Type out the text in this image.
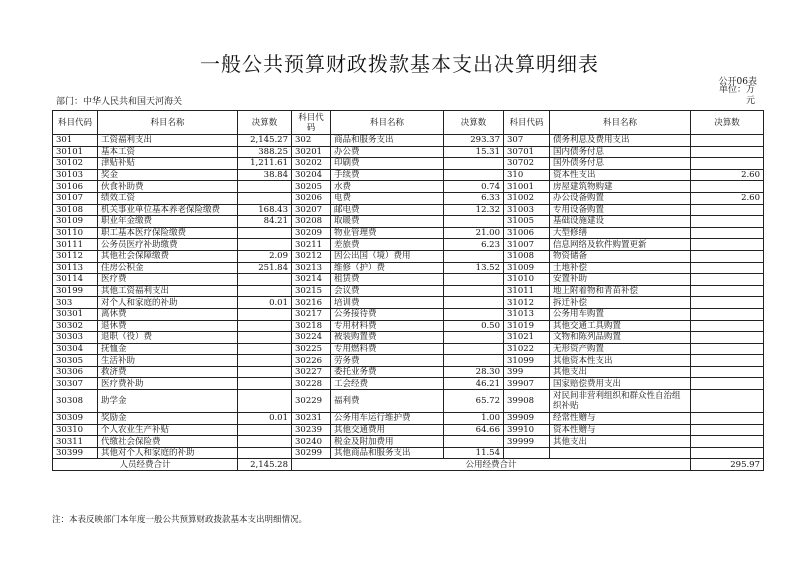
一般公共预算财政拨款基本支出决算明细表
公开06表
单位：万元
部门：中华人民共和国天河海关
科目代码	科目名称	决算数	科目代码	科目名称	决算数	科目代码	科目名称	决算数
301	工资福利支出	2,145.27	302	商品和服务支出	293.37	307	债务利息及费用支出	
30101	基本工资	388.25	30201	办公费	15.31	30701	国内债务付息	
30102	津贴补贴	1,211.61	30202	印刷费		30702	国外债务付息	
30103	奖金	38.84	30204	手续费		310	资本性支出	2.60
30106	伙食补助费		30205	水费	0.74	31001	房屋建筑物购建	
30107	绩效工资		30206	电费	6.33	31002	办公设备购置	2.60
30108	机关事业单位基本养老保险缴费	168.43	30207	邮电费	12.32	31003	专用设备购置	
30109	职业年金缴费	84.21	30208	取暖费		31005	基础设施建设	
30110	职工基本医疗保险缴费		30209	物业管理费	21.00	31006	大型修缮	
30111	公务员医疗补助缴费		30211	差旅费	6.23	31007	信息网络及软件购置更新	
30112	其他社会保障缴费	2.09	30212	因公出国（境）费用		31008	物资储备	
30113	住房公积金	251.84	30213	维修（护）费	13.52	31009	土地补偿	
30114	医疗费		30214	租赁费		31010	安置补助	
30199	其他工资福利支出		30215	会议费		31011	地上附着物和青苗补偿	
303	对个人和家庭的补助	0.01	30216	培训费		31012	拆迁补偿	
30301	离休费		30217	公务接待费		31013	公务用车购置	
30302	退休费		30218	专用材料费	0.50	31019	其他交通工具购置	
30303	退职（役）费		30224	被装购置费		31021	文物和陈列品购置	
30304	抚恤金		30225	专用燃料费		31022	无形资产购置	
30305	生活补助		30226	劳务费		31099	其他资本性支出	
30306	救济费		30227	委托业务费	28.30	399	其他支出	
30307	医疗费补助		30228	工会经费	46.21	39907	国家赔偿费用支出	
30308	助学金		30229	福利费	65.72	39908	对民间非营利组织和群众性自治组织补贴	
30309	奖励金	0.01	30231	公务用车运行维护费	1.00	39909	经常性赠与	
30310	个人农业生产补贴		30239	其他交通费用	64.66	39910	资本性赠与	
30311	代缴社会保险费		30240	税金及附加费用		39999	其他支出	
30399	其他对个人和家庭的补助		30299	其他商品和服务支出	11.54			
人员经费合计		2,145.28	公用经费合计					295.97
注：本表反映部门本年度一般公共预算财政拨款基本支出明细情况。
